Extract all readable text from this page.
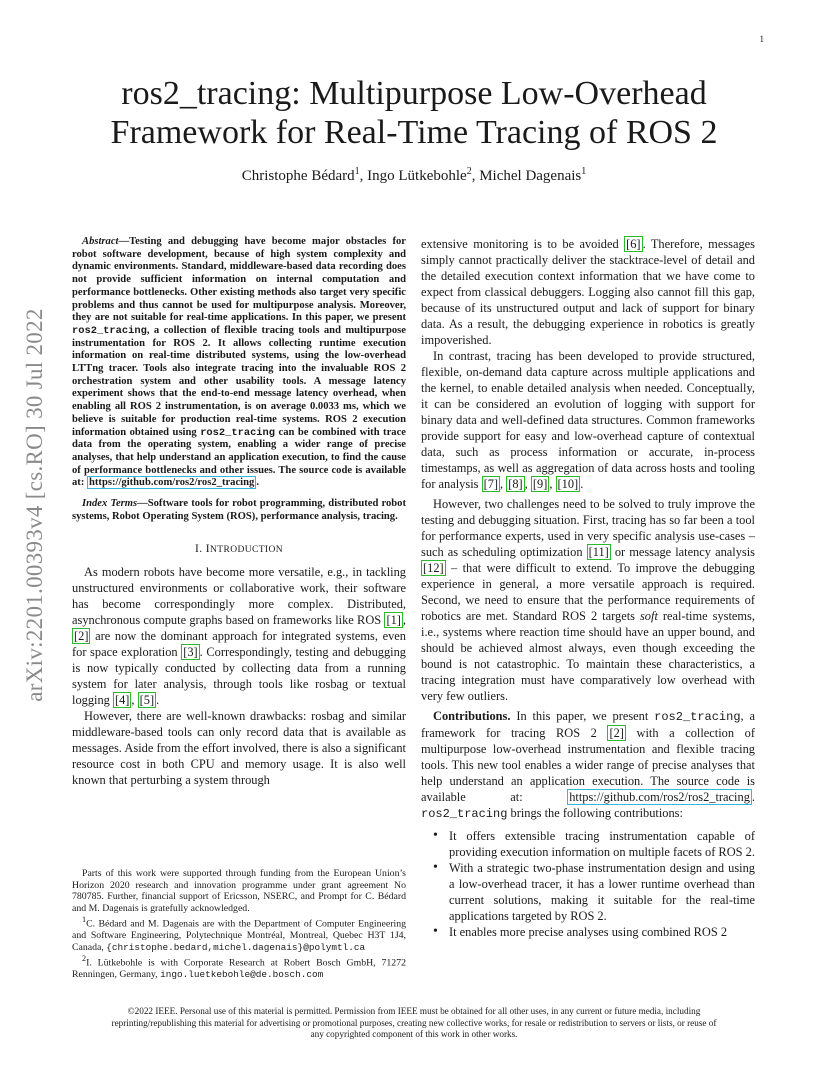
1
arXiv:2201.00393v4 [cs.RO] 30 Jul 2022
ros2_tracing: Multipurpose Low-Overhead
Framework for Real-Time Tracing of ROS 2
Christophe Bédard$^1$, Ingo Lütkebohle$^2$, Michel Dagenais$^1$

Abstract—Testing and debugging have become major obstacles for robot software development, because of high system complexity and dynamic environments. Standard, middleware-based data recording does not provide sufficient information on internal computation and performance bottlenecks. Other existing methods also target very specific problems and thus cannot be used for multipurpose analysis. Moreover, they are not suitable for real-time applications. In this paper, we present ros2_tracing, a collection of flexible tracing tools and multipurpose instrumentation for ROS 2. It allows collecting runtime execution information on real-time distributed systems, using the low-overhead LTTng tracer. Tools also integrate tracing into the invaluable ROS 2 orchestration system and other usability tools. A message latency experiment shows that the end-to-end message latency overhead, when enabling all ROS 2 instrumentation, is on average 0.0033 ms, which we believe is suitable for production real-time systems. ROS 2 execution information obtained using ros2_tracing can be combined with trace data from the operating system, enabling a wider range of precise analyses, that help understand an application execution, to find the cause of performance bottlenecks and other issues. The source code is available at: https://github.com/ros2/ros2_tracing .

Index Terms—Software tools for robot programming, distributed robot systems, Robot Operating System (ROS), performance analysis, tracing.

I. INTRODUCTION

As modern robots have become more versatile, e.g., in tackling unstructured environments or collaborative work, their software has become correspondingly more complex. Distributed, asynchronous compute graphs based on frameworks like ROS [1] , [2] are now the dominant approach for integrated systems, even for space exploration [3] . Correspondingly, testing and debugging is now typically conducted by collecting data from a running system for later analysis, through tools like rosbag or textual logging [4] , [5] .

However, there are well-known drawbacks: rosbag and similar middleware-based tools can only record data that is available as messages. Aside from the effort involved, there is also a significant resource cost in both CPU and memory usage. It is also well known that perturbing a system through

Parts of this work were supported through funding from the European Union’s Horizon 2020 research and innovation programme under grant agreement No 780785. Further, financial support of Ericsson, NSERC, and Prompt for C. Bédard and M. Dagenais is gratefully acknowledged.

$^1$C. Bédard and M. Dagenais are with the Department of Computer Engineering and Software Engineering, Polytechnique Montréal, Montreal, Quebec H3T 1J4, Canada, {christophe.bedard,michel.dagenais}@polymtl.ca

$^2$I. Lütkebohle is with Corporate Research at Robert Bosch GmbH, 71272 Renningen, Germany, ingo.luetkebohle@de.bosch.com

extensive monitoring is to be avoided [6] . Therefore, messages simply cannot practically deliver the stacktrace-level of detail and the detailed execution context information that we have come to expect from classical debuggers. Logging also cannot fill this gap, because of its unstructured output and lack of support for binary data. As a result, the debugging experience in robotics is greatly impoverished.

In contrast, tracing has been developed to provide structured, flexible, on-demand data capture across multiple applications and the kernel, to enable detailed analysis when needed. Conceptually, it can be considered an evolution of logging with support for binary data and well-defined data structures. Common frameworks provide support for easy and low-overhead capture of contextual data, such as process information or accurate, in-process timestamps, as well as aggregation of data across hosts and tooling for analysis [7] , [8] , [9] , [10] .

However, two challenges need to be solved to truly improve the testing and debugging situation. First, tracing has so far been a tool for performance experts, used in very specific analysis use-cases – such as scheduling optimization [11] or message latency analysis [12] – that were difficult to extend. To improve the debugging experience in general, a more versatile approach is required. Second, we need to ensure that the performance requirements of robotics are met. Standard ROS 2 targets soft real-time systems, i.e., systems where reaction time should have an upper bound, and should be achieved almost always, even though exceeding the bound is not catastrophic. To maintain these characteristics, a tracing integration must have comparatively low overhead with very few outliers.

Contributions. In this paper, we present ros2_tracing, a framework for tracing ROS 2 [2] with a collection of multipurpose low-overhead instrumentation and flexible tracing tools. This new tool enables a wider range of precise analyses that help understand an application execution. The source code is available at: https://github.com/ros2/ros2_tracing . ros2_tracing brings the following contributions:

• It offers extensible tracing instrumentation capable of providing execution information on multiple facets of ROS 2.
• With a strategic two-phase instrumentation design and using a low-overhead tracer, it has a lower runtime overhead than current solutions, making it suitable for the real-time applications targeted by ROS 2.
• It enables more precise analyses using combined ROS 2
©2022 IEEE. Personal use of this material is permitted. Permission from IEEE must be obtained for all other uses, in any current or future media, including reprinting/republishing this material for advertising or promotional purposes, creating new collective works, for resale or redistribution to servers or lists, or reuse of any copyrighted component of this work in other works.
